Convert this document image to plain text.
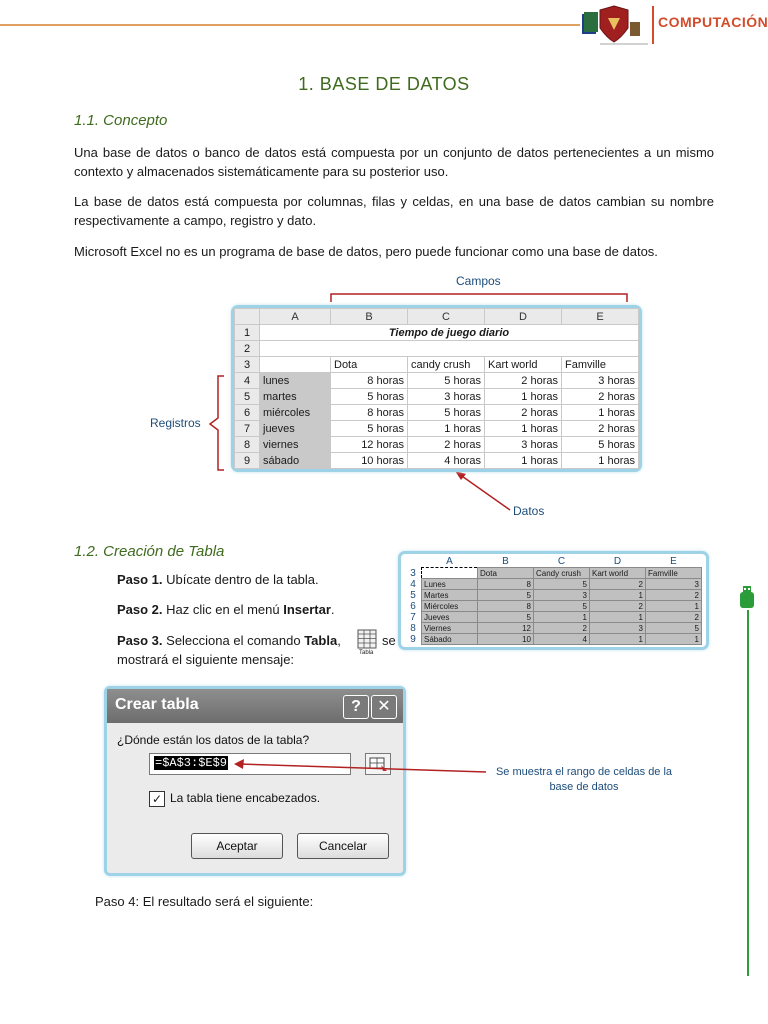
COMPUTACIÓN
1. BASE DE DATOS
1.1. Concepto
Una base de datos o banco de datos está compuesta por un conjunto de datos pertenecientes a un mismo contexto y almacenados sistemáticamente para su posterior uso.
La base de datos está compuesta por columnas, filas y celdas, en una base de datos cambian su nombre respectivamente a campo, registro y dato.
Microsoft Excel no es un programa de base de datos, pero puede funcionar como una base de datos.
Campos
Registros
Datos
	A	B	C	D	E
1	Tiempo de juego diario				
2					
3		Dota	candy crush	Kart world	Famville
4	lunes	8 horas	5 horas	2 horas	3 horas
5	martes	5 horas	3 horas	1 horas	2 horas
6	miércoles	8 horas	5 horas	2 horas	1 horas
7	jueves	5 horas	1 horas	1 horas	2 horas
8	viernes	12 horas	2 horas	3 horas	5 horas
9	sábado	10 horas	4 horas	1 horas	1 horas
1.2. Creación de Tabla
Paso 1. Ubícate dentro de la tabla.
Paso 2. Haz clic en el menú Insertar.
Paso 3. Selecciona el comando Tabla,
Tabla
se
mostrará el siguiente mensaje:
	A	B	C	D	E
3		Dota	Candy crush	Kart world	Famville
4	Lunes	8	5	2	3
5	Martes	5	3	1	2
6	Miércoles	8	5	2	1
7	Jueves	5	1	1	2
8	Viernes	12	2	3	5
9	Sábado	10	4	1	1
Crear tabla	?	✕
¿Dónde están los datos de la tabla?
=$A$3:$E$9
✓ La tabla tiene encabezados.
Aceptar	Cancelar
Se muestra el rango de celdas de la base de datos
Paso 4: El resultado será el siguiente:
